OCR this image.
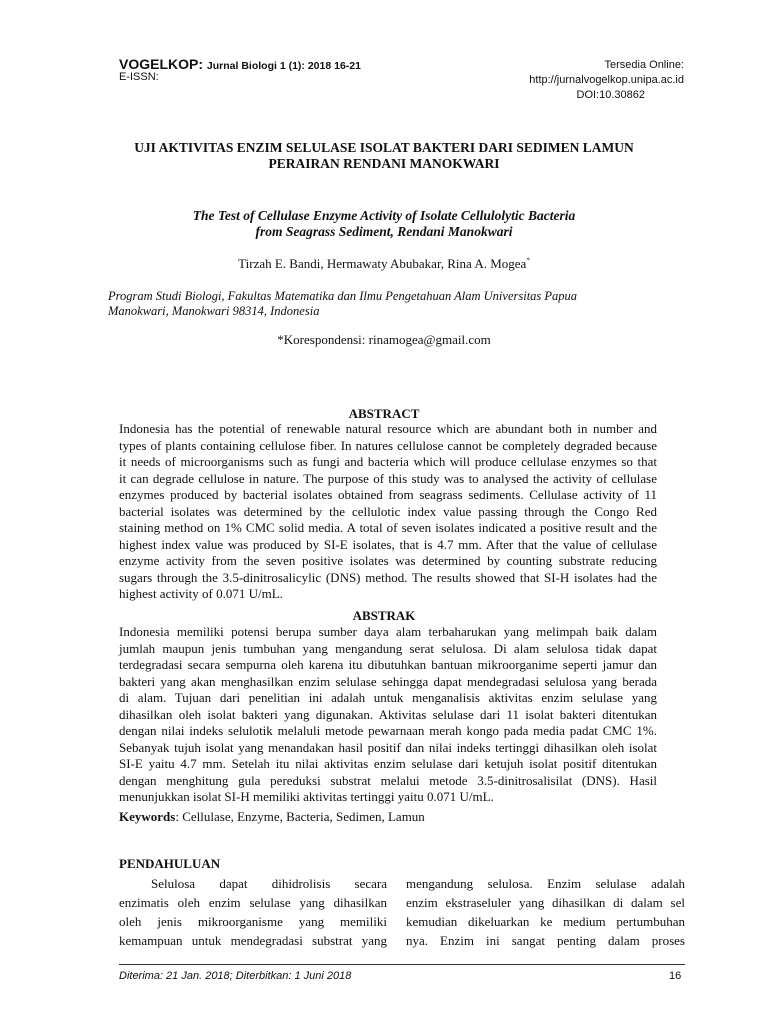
VOGELKOP: Jurnal Biologi 1 (1): 2018 16-21
E-ISSN:
Tersedia Online:
http://jurnalvogelkop.unipa.ac.id
DOI:10.30862
UJI AKTIVITAS ENZIM SELULASE ISOLAT BAKTERI DARI SEDIMEN LAMUN
PERAIRAN RENDANI MANOKWARI
The Test of Cellulase Enzyme Activity of Isolate Cellulolytic Bacteria
from Seagrass Sediment, Rendani Manokwari
Tirzah E. Bandi, Hermawaty Abubakar, Rina A. Mogea*
Program Studi Biologi, Fakultas Matematika dan Ilmu Pengetahuan Alam Universitas Papua
Manokwari, Manokwari 98314, Indonesia
*Korespondensi: rinamogea@gmail.com
ABSTRACT
Indonesia has the potential of renewable natural resource which are abundant both in number and
types of plants containing cellulose fiber. In natures cellulose cannot be completely degraded because
it needs of microorganisms such as fungi and bacteria which will produce cellulase enzymes so that
it can degrade cellulose in nature. The purpose of this study was to analysed the activity of cellulase
enzymes produced by bacterial isolates obtained from seagrass sediments. Cellulase activity of 11
bacterial isolates was determined by the cellulotic index value passing through the Congo Red
staining method on 1% CMC solid media. A total of seven isolates indicated a positive result and the
highest index value was produced by SI-E isolates, that is 4.7 mm. After that the value of cellulase
enzyme activity from the seven positive isolates was determined by counting substrate reducing
sugars through the 3.5-dinitrosalicylic (DNS) method. The results showed that SI-H isolates had the
highest activity of 0.071 U/mL.
ABSTRAK
Indonesia memiliki potensi berupa sumber daya alam terbaharukan yang melimpah baik dalam
jumlah maupun jenis tumbuhan yang mengandung serat selulosa. Di alam selulosa tidak dapat
terdegradasi secara sempurna oleh karena itu dibutuhkan bantuan mikroorganime seperti jamur dan
bakteri yang akan menghasilkan enzim selulase sehingga dapat mendegradasi selulosa yang berada
di alam. Tujuan dari penelitian ini adalah untuk menganalisis aktivitas enzim selulase yang
dihasilkan oleh isolat bakteri yang digunakan. Aktivitas selulase dari 11 isolat bakteri ditentukan
dengan nilai indeks selulotik melaluli metode pewarnaan merah kongo pada media padat CMC 1%.
Sebanyak tujuh isolat yang menandakan hasil positif dan nilai indeks tertinggi dihasilkan oleh isolat
SI-E yaitu 4.7 mm. Setelah itu nilai aktivitas enzim selulase dari ketujuh isolat positif ditentukan
dengan menghitung gula pereduksi substrat melalui metode 3.5-dinitrosalisilat (DNS). Hasil
menunjukkan isolat SI-H memiliki aktivitas tertinggi yaitu 0.071 U/mL.
Keywords: Cellulase, Enzyme, Bacteria, Sedimen, Lamun
PENDAHULUAN
Selulosa dapat dihidrolisis secara
enzimatis oleh enzim selulase yang dihasilkan
oleh jenis mikroorganisme yang memiliki
kemampuan untuk mendegradasi substrat yang
mengandung selulosa. Enzim selulase adalah
enzim ekstraseluler yang dihasilkan di dalam sel
kemudian dikeluarkan ke medium pertumbuhan
nya. Enzim ini sangat penting dalam proses
Diterima: 21 Jan. 2018; Diterbitkan: 1 Juni 2018	16
